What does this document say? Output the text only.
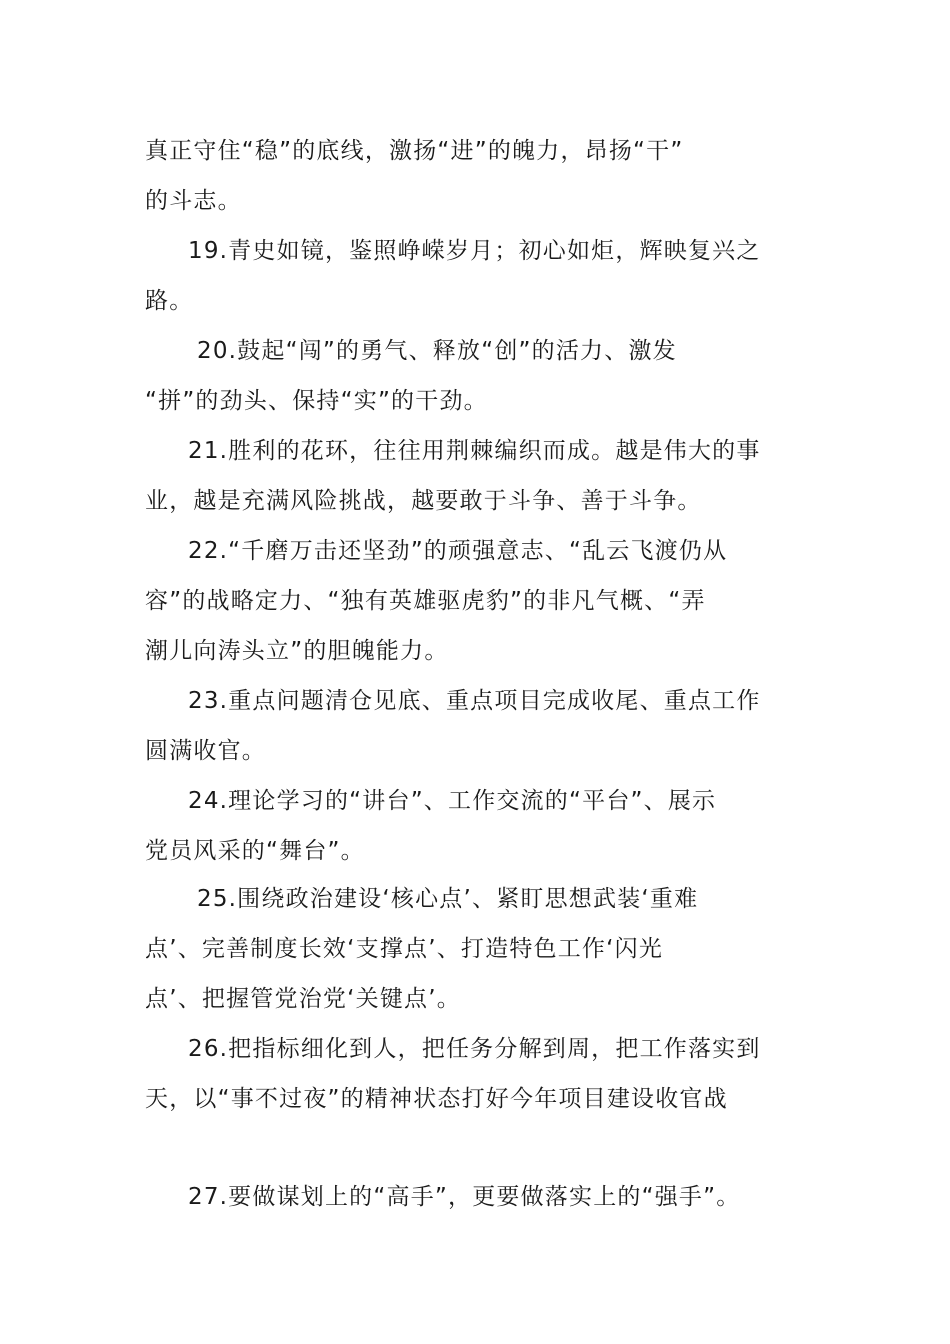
真正守住“稳”的底线，激扬“进”的魄力，昂扬“干”
的斗志。
19.青史如镜，鉴照峥嵘岁月；初心如炬，辉映复兴之
路。
20.鼓起“闯”的勇气、释放“创”的活力、激发
“拼”的劲头、保持“实”的干劲。
21.胜利的花环，往往用荆棘编织而成。越是伟大的事
业，越是充满风险挑战，越要敢于斗争、善于斗争。
22.“千磨万击还坚劲”的顽强意志、“乱云飞渡仍从
容”的战略定力、“独有英雄驱虎豹”的非凡气概、“弄
潮儿向涛头立”的胆魄能力。
23.重点问题清仓见底、重点项目完成收尾、重点工作
圆满收官。
24.理论学习的“讲台”、工作交流的“平台”、展示
党员风采的“舞台”。
25.围绕政治建设‘核心点’、紧盯思想武装‘重难
点’、完善制度长效‘支撑点’、打造特色工作‘闪光
点’、把握管党治党‘关键点’。
26.把指标细化到人，把任务分解到周，把工作落实到
天，以“事不过夜”的精神状态打好今年项目建设收官战
27.要做谋划上的“高手”，更要做落实上的“强手”。
